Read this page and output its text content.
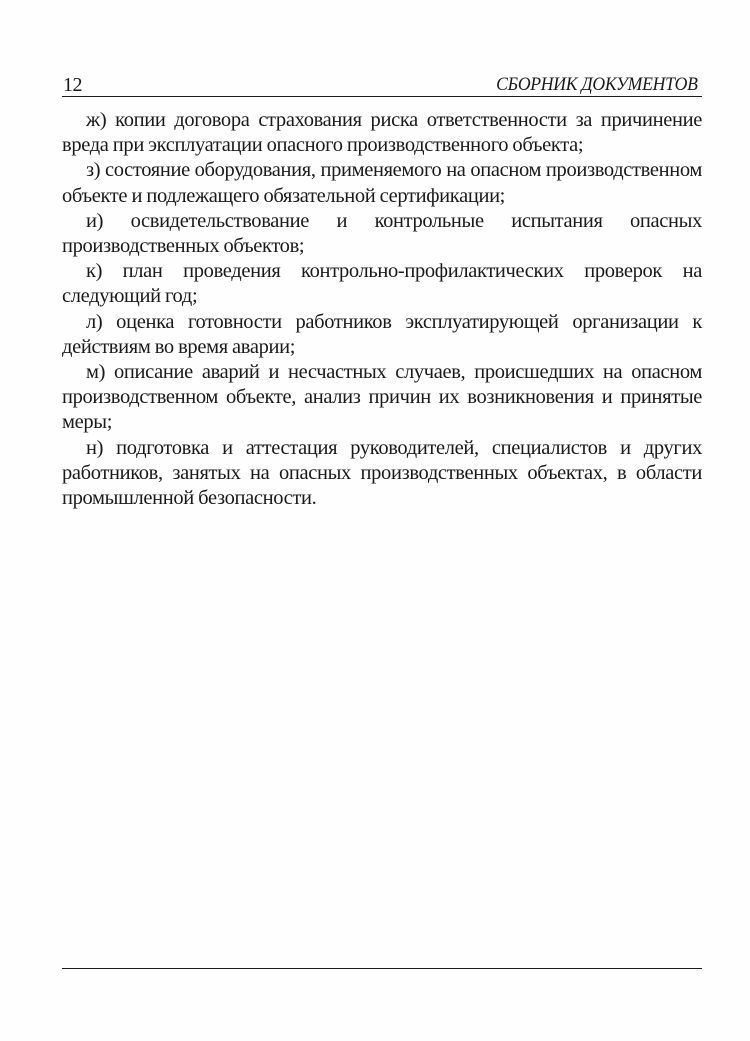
12	СБОРНИК ДОКУМЕНТОВ

ж) копии договора страхования риска ответственности за причинение вреда при эксплуатации опасного производственного объекта;

з) состояние оборудования, применяемого на опасном производственном объекте и подлежащего обязательной сертификации;

и) освидетельствование и контрольные испытания опасных производственных объектов;

к) план проведения контрольно-профилактических проверок на следующий год;

л) оценка готовности работников эксплуатирующей организации к действиям во время аварии;

м) описание аварий и несчастных случаев, происшедших на опасном производственном объекте, анализ причин их возникновения и принятые меры;

н) подготовка и аттестация руководителей, специалистов и других работников, занятых на опасных производственных объектах, в области промышленной безопасности.
